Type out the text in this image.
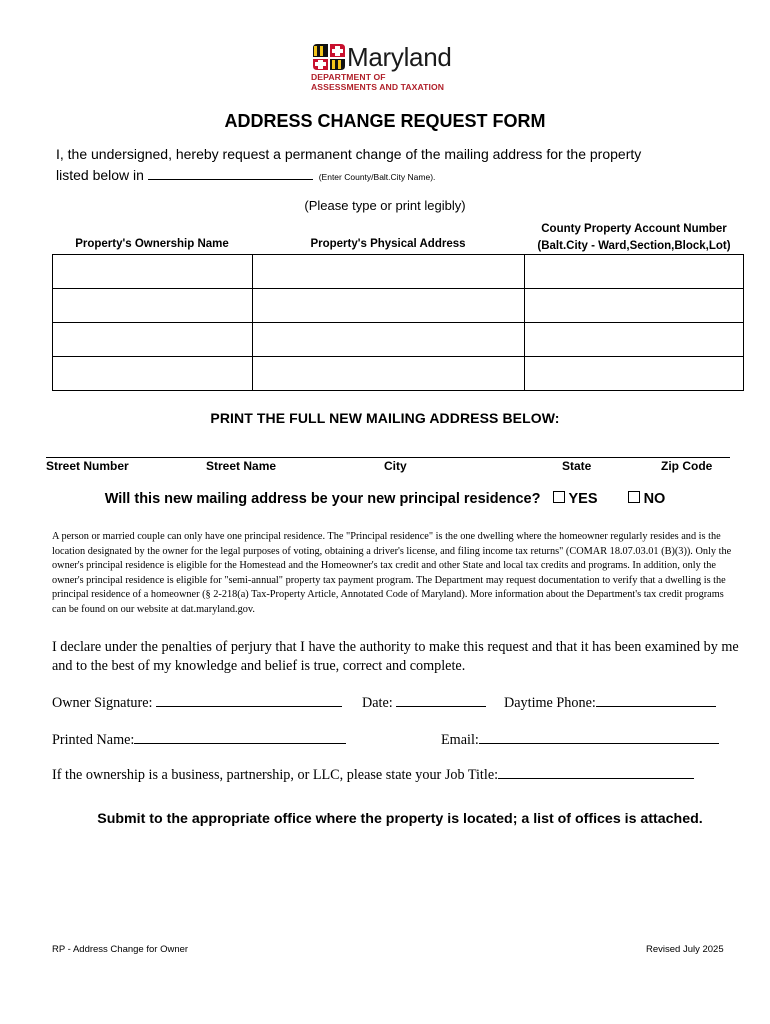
Maryland
DEPARTMENT OF
ASSESSMENTS AND TAXATION
ADDRESS CHANGE REQUEST FORM
I, the undersigned, hereby request a permanent change of the mailing address for the property
listed below in	(Enter County/Balt.City Name).
(Please type or print legibly)
Property's Ownership Name	Property's Physical Address
County Property Account Number
(Balt.City - Ward,Section,Block,Lot)

PRINT THE FULL NEW MAILING ADDRESS BELOW:
Street Number	Street Name	City	State	Zip Code
Will this new mailing address be your new principal residence? YES	NO
A person or married couple can only have one principal residence. The "Principal residence" is the one dwelling where the homeowner regularly resides and is the location designated by the owner for the legal purposes of voting, obtaining a driver's license, and filing income tax returns" (COMAR 18.07.03.01 (B)(3)). Only the owner's principal residence is eligible for the Homestead and the Homeowner's tax credit and other State and local tax credits and programs. In addition, only the owner's principal residence is eligible for "semi-annual" property tax payment program. The Department may request documentation to verify that a dwelling is the principal residence of a homeowner (§ 2-218(a) Tax-Property Article, Annotated Code of Maryland). More information about the Department's tax credit programs can be found on our website at dat.maryland.gov.
I declare under the penalties of perjury that I have the authority to make this request and that it has been examined by me and to the best of my knowledge and belief is true, correct and complete.
Owner Signature:	Date:	Daytime Phone:
Printed Name:	Email:
If the ownership is a business, partnership, or LLC, please state your Job Title:
Submit to the appropriate office where the property is located; a list of offices is attached.
RP - Address Change for Owner	Revised July 2025
